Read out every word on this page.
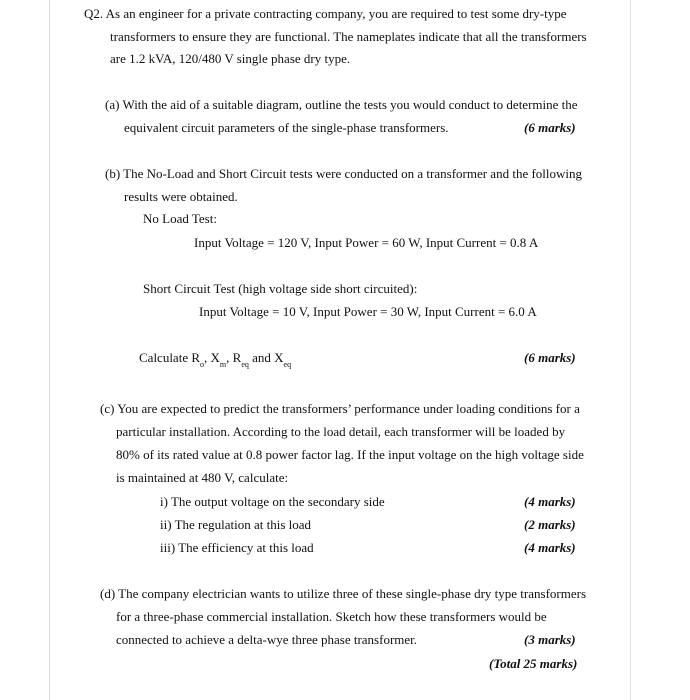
Q2. As an engineer for a private contracting company, you are required to test some dry-type
transformers to ensure they are functional. The nameplates indicate that all the transformers
are 1.2 kVA, 120/480 V single phase dry type.
(a) With the aid of a suitable diagram, outline the tests you would conduct to determine the
equivalent circuit parameters of the single-phase transformers.	(6 marks)
(b) The No-Load and Short Circuit tests were conducted on a transformer and the following
results were obtained.
No Load Test:
Input Voltage = 120 V, Input Power = 60 W, Input Current = 0.8 A
Short Circuit Test (high voltage side short circuited):
Input Voltage = 10 V, Input Power = 30 W, Input Current = 6.0 A
Calculate $R_o$, $X_m$, $R_{eq}$ and $X_{eq}$	(6 marks)
(c) You are expected to predict the transformers’ performance under loading conditions for a
particular installation. According to the load detail, each transformer will be loaded by
80% of its rated value at 0.8 power factor lag. If the input voltage on the high voltage side
is maintained at 480 V, calculate:
i) The output voltage on the secondary side	(4 marks)
ii) The regulation at this load	(2 marks)
iii) The efficiency at this load	(4 marks)
(d) The company electrician wants to utilize three of these single-phase dry type transformers
for a three-phase commercial installation. Sketch how these transformers would be
connected to achieve a delta-wye three phase transformer.	(3 marks)
(Total 25 marks)
